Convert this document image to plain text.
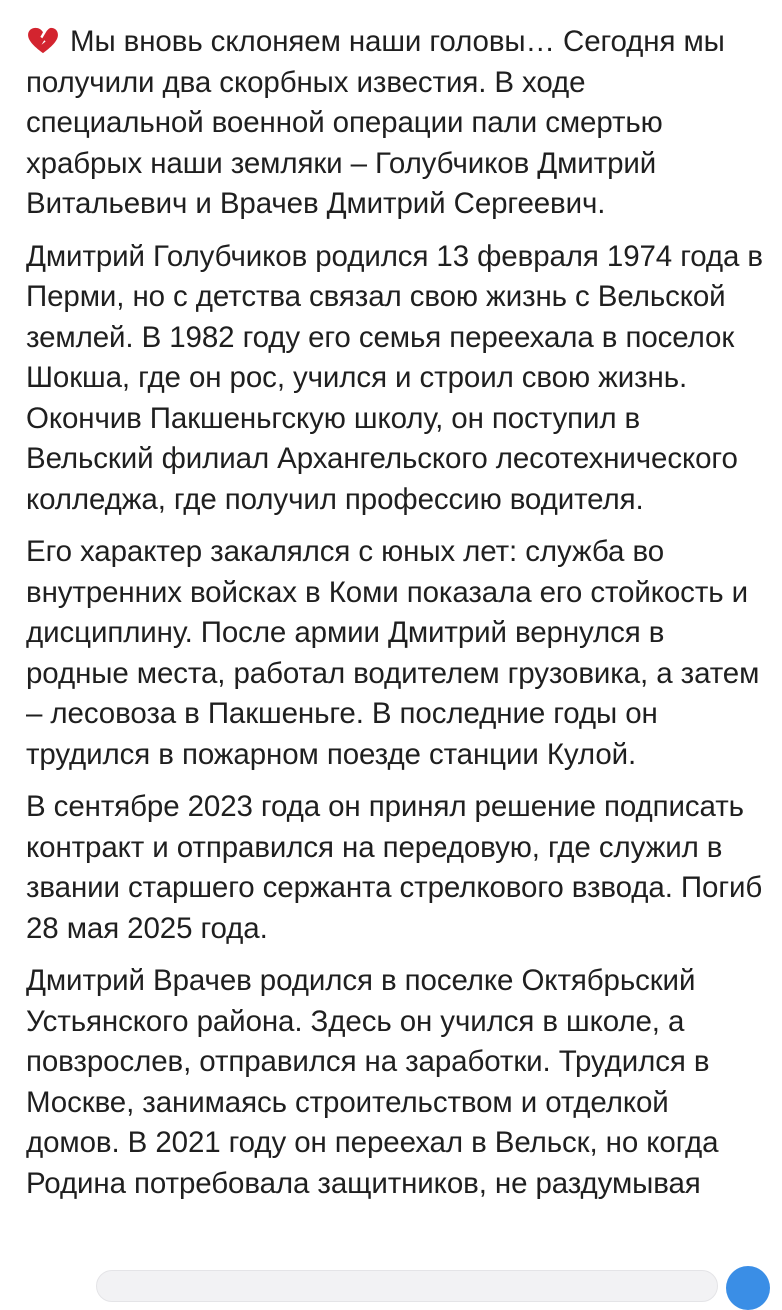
Мы вновь склоняем наши головы… Сегодня мы получили два скорбных известия. В ходе специальной военной операции пали смертью храбрых наши земляки – Голубчиков Дмитрий Витальевич и Врачев Дмитрий Сергеевич.

Дмитрий Голубчиков родился 13 февраля 1974 года в Перми, но с детства связал свою жизнь с Вельской землей. В 1982 году его семья переехала в поселок Шокша, где он рос, учился и строил свою жизнь. Окончив Пакшеньгскую школу, он поступил в Вельский филиал Архангельского лесотехнического колледжа, где получил профессию водителя.

Его характер закалялся с юных лет: служба во внутренних войсках в Коми показала его стойкость и дисциплину. После армии Дмитрий вернулся в родные места, работал водителем грузовика, а затем – лесовоза в Пакшеньге. В последние годы он трудился в пожарном поезде станции Кулой.

В сентябре 2023 года он принял решение подписать контракт и отправился на передовую, где служил в звании старшего сержанта стрелкового взвода. Погиб 28 мая 2025 года.

Дмитрий Врачев родился в поселке Октябрьский Устьянского района. Здесь он учился в школе, а повзрослев, отправился на заработки. Трудился в Москве, занимаясь строительством и отделкой домов. В 2021 году он переехал в Вельск, но когда Родина потребовала защитников, не раздумывая
